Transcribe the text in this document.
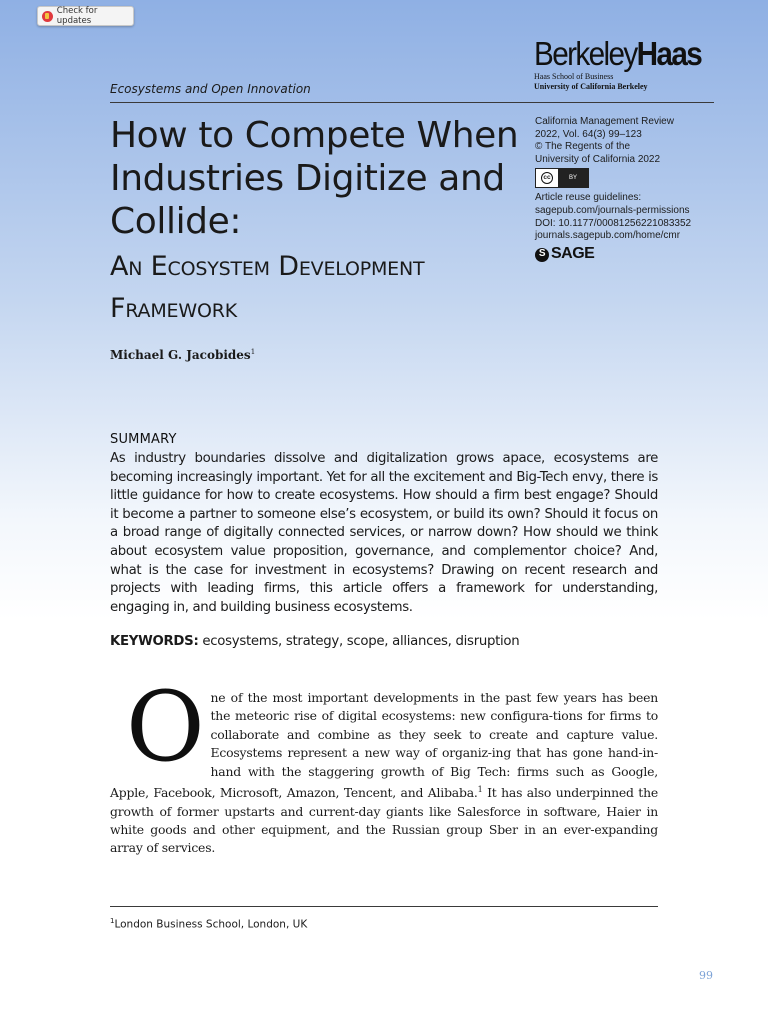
Check for updates
BerkeleyHaas
Haas School of Business
University of California Berkeley
Ecosystems and Open Innovation
How to Compete When Industries Digitize and Collide:
An Ecosystem Development Framework
California Management Review
2022, Vol. 64(3) 99–123
© The Regents of the
University of California 2022
cc	BY
Article reuse guidelines:
sagepub.com/journals-permissions
DOI: 10.1177/00081256221083352
journals.sagepub.com/home/cmr
S SAGE
Michael G. Jacobides$^1$
SUMMARY
As industry boundaries dissolve and digitalization grows apace, ecosystems are becoming increasingly important. Yet for all the excitement and Big-Tech envy, there is little guidance for how to create ecosystems. How should a firm best engage? Should it become a partner to someone else’s ecosystem, or build its own? Should it focus on a broad range of digitally connected services, or narrow down? How should we think about ecosystem value proposition, governance, and complementor choice? And, what is the case for investment in ecosystems? Drawing on recent research and projects with leading firms, this article offers a framework for understanding, engaging in, and building business ecosystems.
KEYWORDS: ecosystems, strategy, scope, alliances, disruption
One of the most important developments in the past few years has been the meteoric rise of digital ecosystems: new configura-tions for firms to collaborate and combine as they seek to create and capture value. Ecosystems represent a new way of organiz-ing that has gone hand-in-hand with the staggering growth of Big Tech: firms such as Google, Apple, Facebook, Microsoft, Amazon, Tencent, and Alibaba.$^1$ It has also underpinned the growth of former upstarts and current-day giants like Salesforce in software, Haier in white goods and other equipment, and the Russian group Sber in an ever-expanding array of services.
$^1$London Business School, London, UK
99
